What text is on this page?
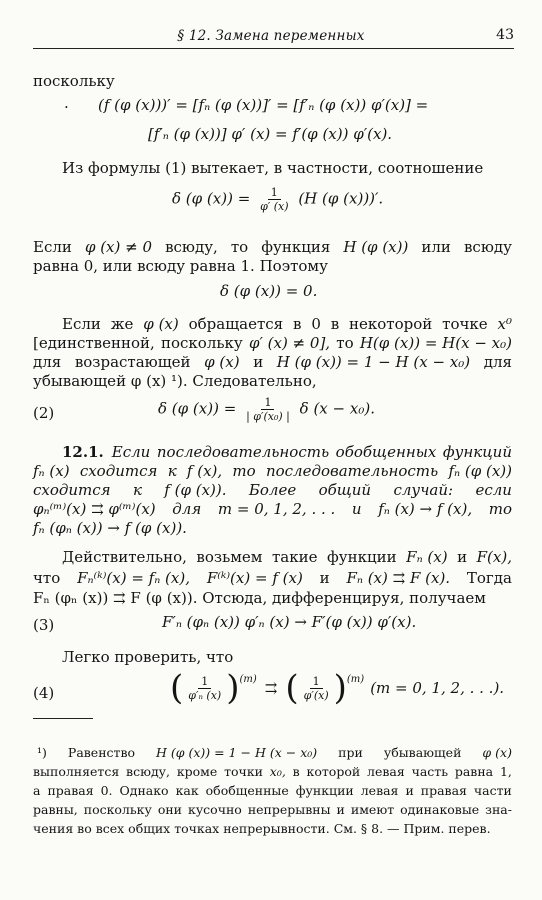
§ 12. Замена переменных	43
поскольку
· (f (φ (x)))′ = [fₙ (φ (x))]′ = [f′ₙ (φ (x)) φ′(x)] =
[f′ₙ (φ (x))] φ′ (x) = f′(φ (x)) φ′(x).
Из формулы (1) вытекает, в частности, соотношение
δ (φ $(x)) = \frac{1}{\varphi' (x)} (H$ (φ (x)))′.
Если φ (x) ≠ 0 всюду, то функция H (φ (x)) или всюду
равна 0, или всюду равна 1. Поэтому
δ (φ (x)) = 0.
Если же φ (x) обращается в 0 в некоторой точке x⁰
[единственной, поскольку φ′ (x) ≠ 0], то H(φ (x)) = H(x − x₀)
для возрастающей φ (x) и H (φ (x)) = 1 − H (x − x₀) для
убывающей φ (x) ¹). Следовательно,
(2)	δ (φ $(x)) = \frac{1}{\text{| φ′(x₀) |}}$ δ (x − x₀).
12.1. Если последовательность обобщенных функций
fₙ (x) сходится к f (x), то последовательность fₙ (φ (x))
сходится к f (φ (x)). Более общий случай: если
φₙ⁽ᵐ⁾(x) ⇉ φ⁽ᵐ⁾(x) для m = 0, 1, 2, . . . и fₙ (x) → f (x), то
fₙ (φₙ (x)) → f (φ (x)).
Действительно, возьмем такие функции Fₙ (x) и F(x),
что Fₙ⁽ᵏ⁾(x) = fₙ (x), F⁽ᵏ⁾(x) = f (x) и Fₙ (x) ⇉ F (x). Тогда
Fₙ (φₙ (x)) ⇉ F (φ (x)). Отсюда, дифференцируя, получаем
(3)	F′ₙ (φₙ (x)) φ′ₙ (x) → F′(φ (x)) φ′(x).
Легко проверить, что
(4)	( $\frac{1}{\text{φ′ₙ (x)}}$ ) (m) ⇉ ( $\frac{1}{\varphi'(x)}$ ) (m) (m = 0, 1, 2, . . .).
¹) Равенство H (φ (x)) = 1 − H (x − x₀) при убывающей φ (x)
выполняется всюду, кроме точки x₀, в которой левая часть равна 1,
а правая 0. Однако как обобщенные функции левая и правая части
равны, поскольку они кусочно непрерывны и имеют одинаковые зна-
чения во всех общих точках непрерывности. См. § 8. — Прим. перев.
